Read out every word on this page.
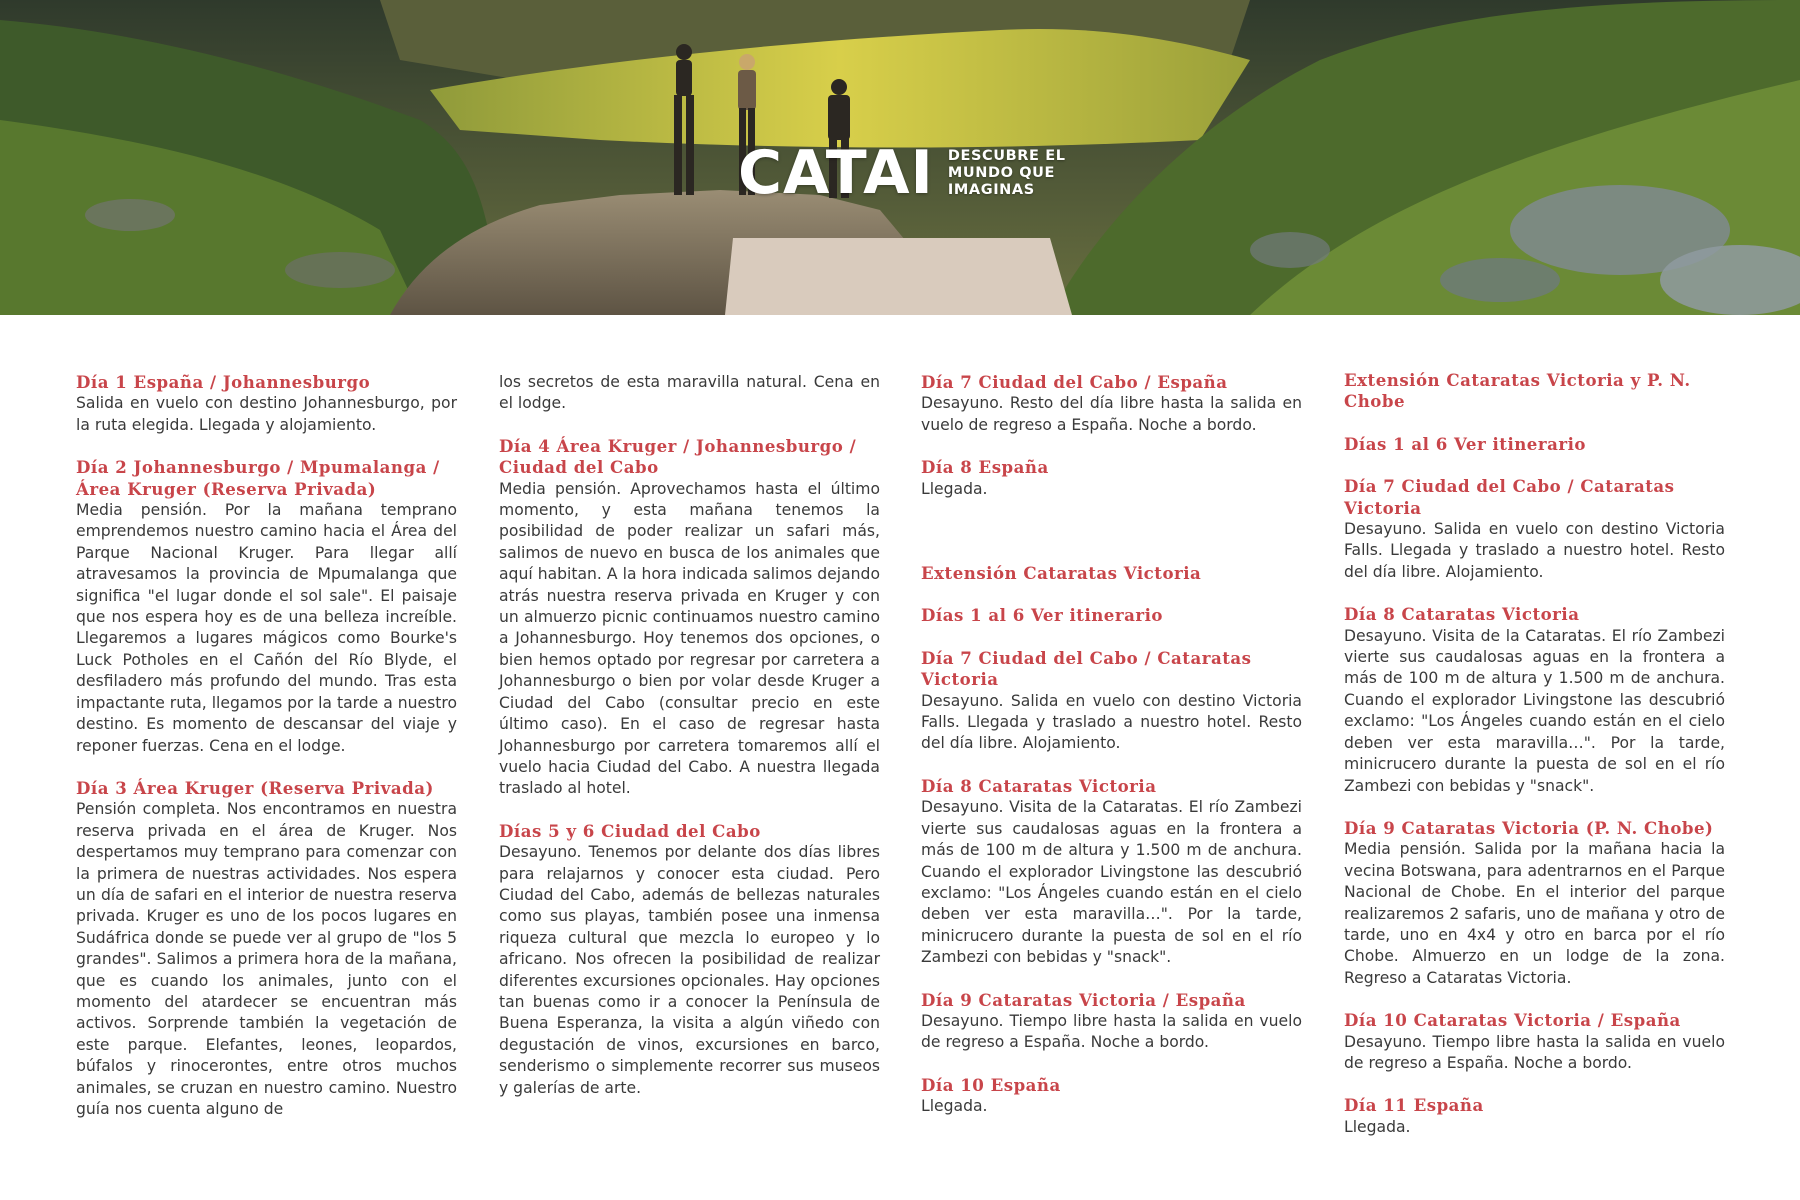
CATAI DESCUBRE EL
MUNDO QUE
IMAGINAS
Día 1 España / Johannesburgo
Salida en vuelo con destino Johannesburgo, por la ruta elegida. Llegada y alojamiento.
Día 2 Johannesburgo / Mpumalanga / Área Kruger (Reserva Privada)
Media pensión. Por la mañana temprano emprendemos nuestro camino hacia el Área del Parque Nacional Kruger. Para llegar allí atravesamos la provincia de Mpumalanga que significa "el lugar donde el sol sale". El paisaje que nos espera hoy es de una belleza increíble. Llegaremos a lugares mágicos como Bourke's Luck Potholes en el Cañón del Río Blyde, el desfiladero más profundo del mundo. Tras esta impactante ruta, llegamos por la tarde a nuestro destino. Es momento de descansar del viaje y reponer fuerzas. Cena en el lodge.
Día 3 Área Kruger (Reserva Privada)
Pensión completa. Nos encontramos en nuestra reserva privada en el área de Kruger. Nos despertamos muy temprano para comenzar con la primera de nuestras actividades. Nos espera un día de safari en el interior de nuestra reserva privada. Kruger es uno de los pocos lugares en Sudáfrica donde se puede ver al grupo de "los 5 grandes". Salimos a primera hora de la mañana, que es cuando los animales, junto con el momento del atardecer se encuentran más activos. Sorprende también la vegetación de este parque. Elefantes, leones, leopardos, búfalos y rinocerontes, entre otros muchos animales, se cruzan en nuestro camino. Nuestro guía nos cuenta alguno de
los secretos de esta maravilla natural. Cena en el lodge.
Día 4 Área Kruger / Johannesburgo / Ciudad del Cabo
Media pensión. Aprovechamos hasta el último momento, y esta mañana tenemos la posibilidad de poder realizar un safari más, salimos de nuevo en busca de los animales que aquí habitan. A la hora indicada salimos dejando atrás nuestra reserva privada en Kruger y con un almuerzo picnic continuamos nuestro camino a Johannesburgo. Hoy tenemos dos opciones, o bien hemos optado por regresar por carretera a Johannesburgo o bien por volar desde Kruger a Ciudad del Cabo (consultar precio en este último caso). En el caso de regresar hasta Johannesburgo por carretera tomaremos allí el vuelo hacia Ciudad del Cabo. A nuestra llegada traslado al hotel.
Días 5 y 6 Ciudad del Cabo
Desayuno. Tenemos por delante dos días libres para relajarnos y conocer esta ciudad. Pero Ciudad del Cabo, además de bellezas naturales como sus playas, también posee una inmensa riqueza cultural que mezcla lo europeo y lo africano. Nos ofrecen la posibilidad de realizar diferentes excursiones opcionales. Hay opciones tan buenas como ir a conocer la Península de Buena Esperanza, la visita a algún viñedo con degustación de vinos, excursiones en barco, senderismo o simplemente recorrer sus museos y galerías de arte.
Día 7 Ciudad del Cabo / España
Desayuno. Resto del día libre hasta la salida en vuelo de regreso a España. Noche a bordo.
Día 8 España
Llegada.
Extensión Cataratas Victoria
Días 1 al 6 Ver itinerario
Día 7 Ciudad del Cabo / Cataratas Victoria
Desayuno. Salida en vuelo con destino Victoria Falls. Llegada y traslado a nuestro hotel. Resto del día libre. Alojamiento.
Día 8 Cataratas Victoria
Desayuno. Visita de la Cataratas. El río Zambezi vierte sus caudalosas aguas en la frontera a más de 100 m de altura y 1.500 m de anchura. Cuando el explorador Livingstone las descubrió exclamo: "Los Ángeles cuando están en el cielo deben ver esta maravilla…". Por la tarde, minicrucero durante la puesta de sol en el río Zambezi con bebidas y "snack".
Día 9 Cataratas Victoria / España
Desayuno. Tiempo libre hasta la salida en vuelo de regreso a España. Noche a bordo.
Día 10 España
Llegada.
Extensión Cataratas Victoria y P. N. Chobe
Días 1 al 6 Ver itinerario
Día 7 Ciudad del Cabo / Cataratas Victoria
Desayuno. Salida en vuelo con destino Victoria Falls. Llegada y traslado a nuestro hotel. Resto del día libre. Alojamiento.
Día 8 Cataratas Victoria
Desayuno. Visita de la Cataratas. El río Zambezi vierte sus caudalosas aguas en la frontera a más de 100 m de altura y 1.500 m de anchura. Cuando el explorador Livingstone las descubrió exclamo: "Los Ángeles cuando están en el cielo deben ver esta maravilla…". Por la tarde, minicrucero durante la puesta de sol en el río Zambezi con bebidas y "snack".
Día 9 Cataratas Victoria (P. N. Chobe)
Media pensión. Salida por la mañana hacia la vecina Botswana, para adentrarnos en el Parque Nacional de Chobe. En el interior del parque realizaremos 2 safaris, uno de mañana y otro de tarde, uno en 4x4 y otro en barca por el río Chobe. Almuerzo en un lodge de la zona. Regreso a Cataratas Victoria.
Día 10 Cataratas Victoria / España
Desayuno. Tiempo libre hasta la salida en vuelo de regreso a España. Noche a bordo.
Día 11 España
Llegada.
